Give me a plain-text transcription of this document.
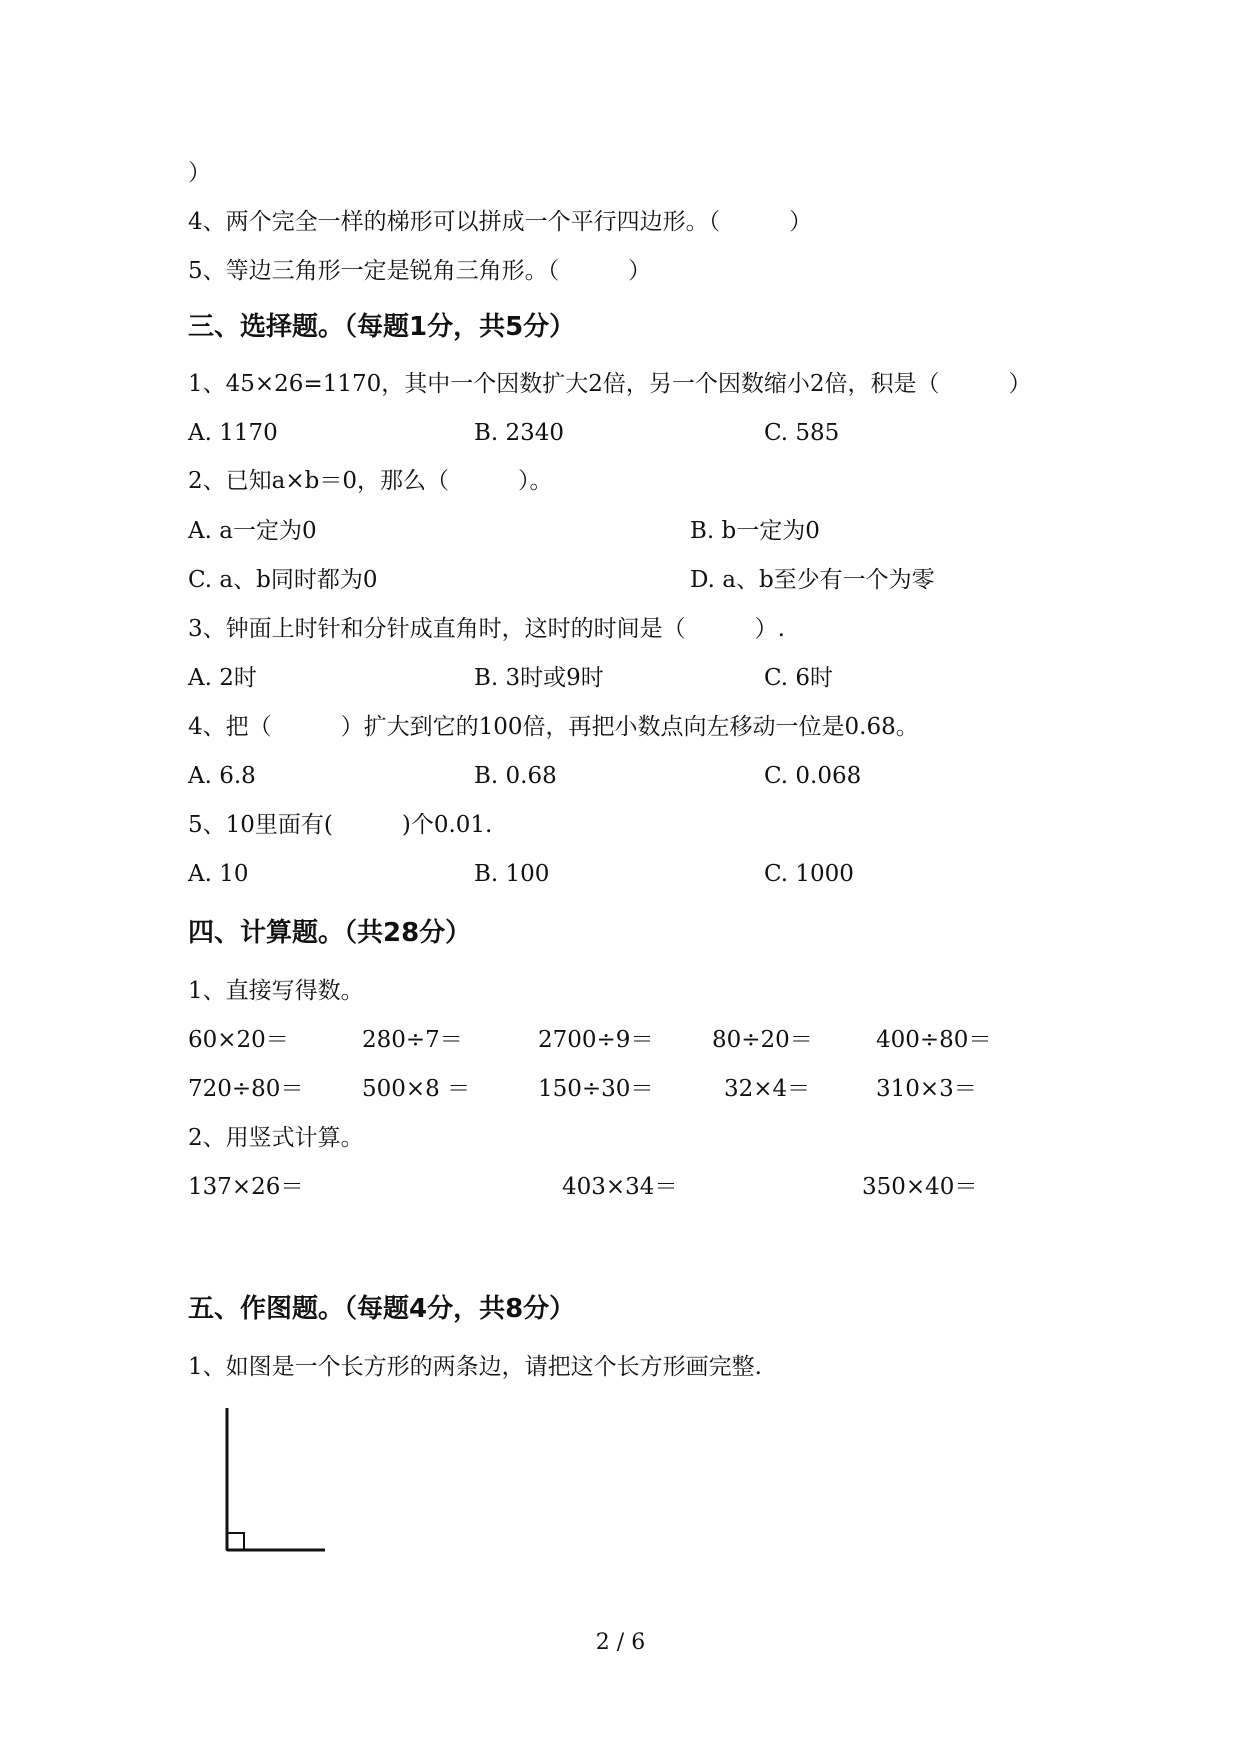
）
4、两个完全一样的梯形可以拼成一个平行四边形。（　　　）
5、等边三角形一定是锐角三角形。（　　　）
三、选择题。（每题1分，共5分）
1、45×26=1170，其中一个因数扩大2倍，另一个因数缩小2倍，积是（　　　）
A. 1170	B. 2340	C. 585
2、已知a×b＝0，那么（　　　）。
A. a一定为0	B. b一定为0
C. a、b同时都为0	D. a、b至少有一个为零
3、钟面上时针和分针成直角时，这时的时间是（　　　）.
A. 2时	B. 3时或9时	C. 6时
4、把（　　　）扩大到它的100倍，再把小数点向左移动一位是0.68。
A. 6.8	B. 0.68	C. 0.068
5、10里面有(　　　)个0.01.
A. 10	B. 100	C. 1000
四、计算题。（共28分）
1、直接写得数。
60×20＝	280÷7＝	2700÷9＝	80÷20＝	400÷80＝
720÷80＝	500×8 ＝	150÷30＝	32×4＝	310×3＝
2、用竖式计算。
137×26＝	403×34＝	350×40＝
五、作图题。（每题4分，共8分）
1、如图是一个长方形的两条边，请把这个长方形画完整.
2 / 6
